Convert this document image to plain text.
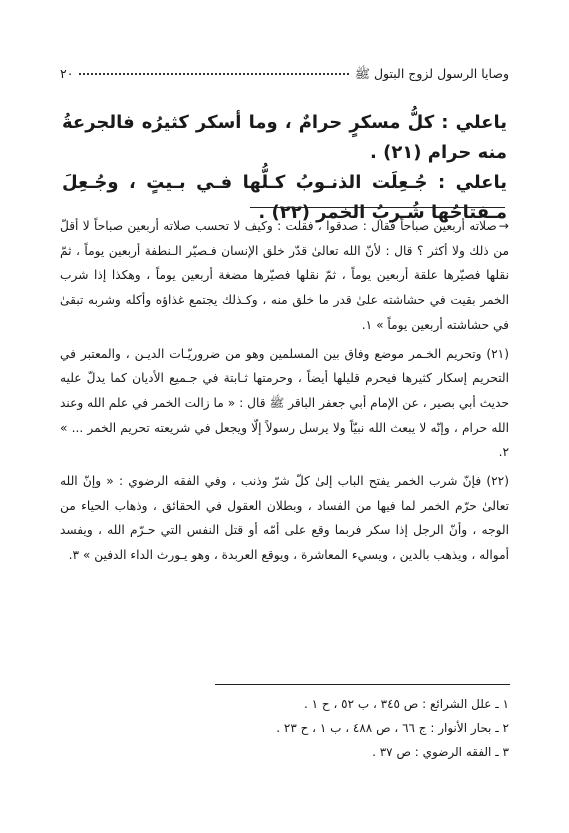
وصايا الرسول لزوج البتول ﷺ
٢٠

ياعلي : كلُّ مسكرٍ حرامٌ ، وما أسكر كثيرُه فالجرعةُ منه حرام (٢١) .

ياعلي : جُـعِلَت الذنـوبُ كـلُّها فـي بـيتٍ ، وجُـعِلَ مـفتاحُها شُـربُ الخمر (٢٢) .

→صلاته أربعين صباحاً فقال : صدقوا ، فقلت : وكيف لا تحسب صلاته أربعين صباحاً لا أقلّ من ذلك ولا أكثر ؟ قال : لأنّ الله تعالىٰ قدّر خلق الإنسان فـصيّر الـنطفة أربعين يوماً ، ثمّ نقلها فصيّرها علقة أربعين يوماً ، ثمّ نقلها فصيّرها مضغة أربعين يوماً ، وهكذا إذا شرب الخمر بقيت في حشاشته علىٰ قدر ما خلق منه ، وكـذلك يجتمع غذاؤه وأكله وشربه تبقىٰ في حشاشته أربعين يوماً » ١.

(٢١) وتحريم الخـمر موضع وفاق بين المسلمين وهو من ضروريّـات الديـن ، والمعتبر في التحريم إسكار كثيرها فيحرم قليلها أيضاً ، وحرمتها ثـابتة في جـميع الأديان كما يدلّ عليه حديث أبي بصير ، عن الإمام أبي جعفر الباقر ﷺ قال : « ما زالت الخمر في علم الله وعند الله حرام ، وإنّه لا يبعث الله نبيّاً ولا يرسل رسولاً إلّا ويجعل في شريعته تحريم الخمر ... » ٢.

(٢٢) فإنّ شرب الخمر يفتح الباب إلىٰ كلّ شرّ وذنب ، وفي الفقه الرضوي : « وإنّ الله تعالىٰ حرّم الخمر لما فيها من الفساد ، وبطلان العقول في الحقائق ، وذهاب الحياء من الوجه ، وأنّ الرجل إذا سكر فربما وقع على أمّه أو قتل النفس التي حـرّم الله ، ويفسد أمواله ، ويذهب بالدين ، ويسيء المعاشرة ، ويوقع العربدة ، وهو يـورث الداء الدفين » ٣.

١ ـ علل الشرائع : ص ٣٤٥ ، ب ٥٢ ، ح ١ .
٢ ـ بحار الأنوار : ج ٦٦ ، ص ٤٨٨ ، ب ١ ، ح ٢٣ .
٣ ـ الفقه الرضوي : ص ٣٧ .
